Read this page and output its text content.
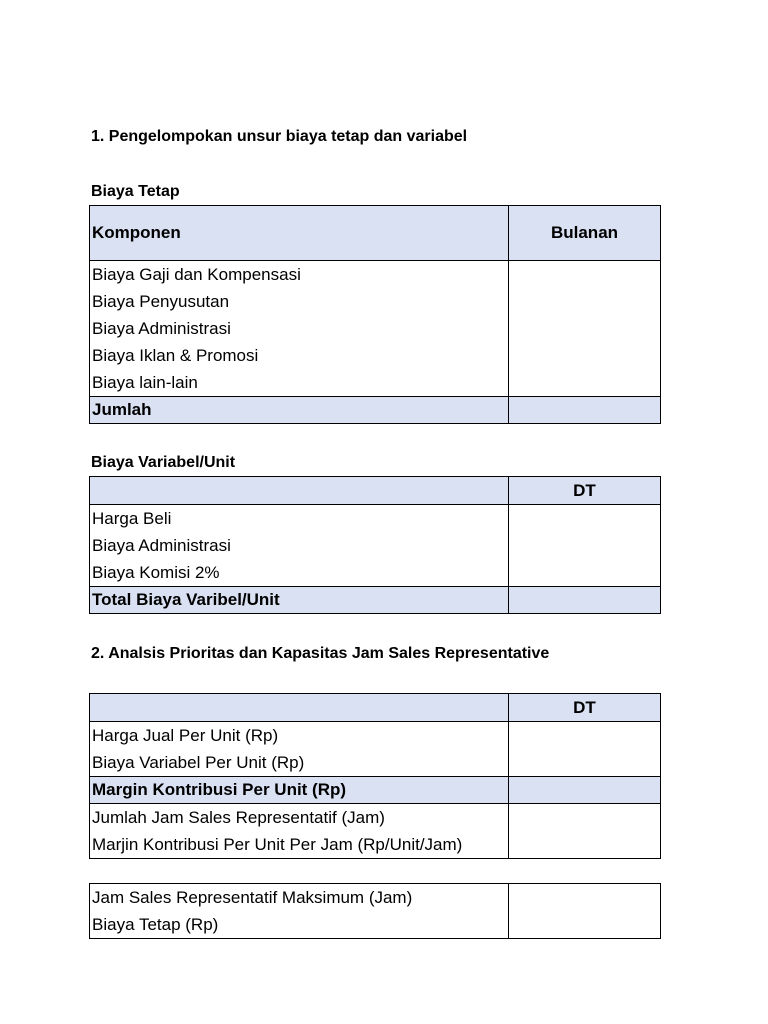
1. Pengelompokan unsur biaya tetap dan variabel
Biaya Tetap
Komponen	Bulanan

Biaya Gaji dan Kompensasi
Biaya Penyusutan
Biaya Administrasi
Biaya Iklan & Promosi
Biaya lain-lain	

Jumlah	
Biaya Variabel/Unit
	DT

Harga Beli
Biaya Administrasi
Biaya Komisi 2%	

Total Biaya Varibel/Unit	
2. Analsis Prioritas dan Kapasitas Jam Sales Representative
	DT

Harga Jual Per Unit (Rp)
Biaya Variabel Per Unit (Rp)	

Margin Kontribusi Per Unit (Rp)	

Jumlah Jam Sales Representatif (Jam)
Marjin Kontribusi Per Unit Per Jam (Rp/Unit/Jam)	

Jam Sales Representatif Maksimum (Jam)
Biaya Tetap (Rp)
